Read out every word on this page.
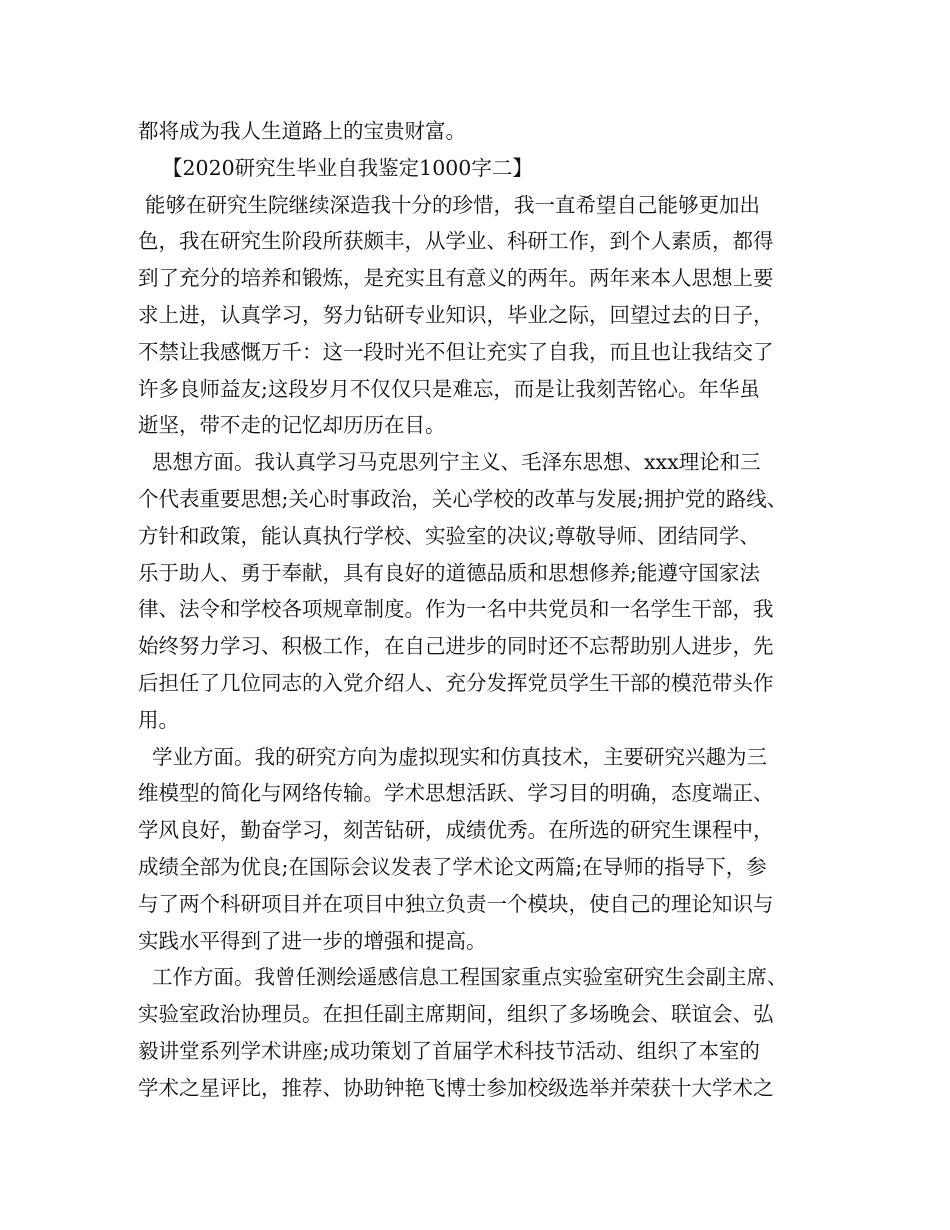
都将成为我人生道路上的宝贵财富。
【2020研究生毕业自我鉴定1000字二】
能够在研究生院继续深造我十分的珍惜，我一直希望自己能够更加出
色，我在研究生阶段所获颇丰，从学业、科研工作，到个人素质，都得
到了充分的培养和锻炼，是充实且有意义的两年。两年来本人思想上要
求上进，认真学习，努力钻研专业知识，毕业之际，回望过去的日子，
不禁让我感慨万千：这一段时光不但让充实了自我，而且也让我结交了
许多良师益友;这段岁月不仅仅只是难忘，而是让我刻苦铭心。年华虽
逝坚，带不走的记忆却历历在目。
思想方面。我认真学习马克思列宁主义、毛泽东思想、xxx理论和三
个代表重要思想;关心时事政治，关心学校的改革与发展;拥护党的路线、
方针和政策，能认真执行学校、实验室的决议;尊敬导师、团结同学、
乐于助人、勇于奉献，具有良好的道德品质和思想修养;能遵守国家法
律、法令和学校各项规章制度。作为一名中共党员和一名学生干部，我
始终努力学习、积极工作，在自己进步的同时还不忘帮助别人进步，先
后担任了几位同志的入党介绍人、充分发挥党员学生干部的模范带头作
用。
学业方面。我的研究方向为虚拟现实和仿真技术，主要研究兴趣为三
维模型的简化与网络传输。学术思想活跃、学习目的明确，态度端正、
学风良好，勤奋学习，刻苦钻研，成绩优秀。在所选的研究生课程中，
成绩全部为优良;在国际会议发表了学术论文两篇;在导师的指导下，参
与了两个科研项目并在项目中独立负责一个模块，使自己的理论知识与
实践水平得到了进一步的增强和提高。
工作方面。我曾任测绘遥感信息工程国家重点实验室研究生会副主席、
实验室政治协理员。在担任副主席期间，组织了多场晚会、联谊会、弘
毅讲堂系列学术讲座;成功策划了首届学术科技节活动、组织了本室的
学术之星评比，推荐、协助钟艳飞博士参加校级选举并荣获十大学术之
